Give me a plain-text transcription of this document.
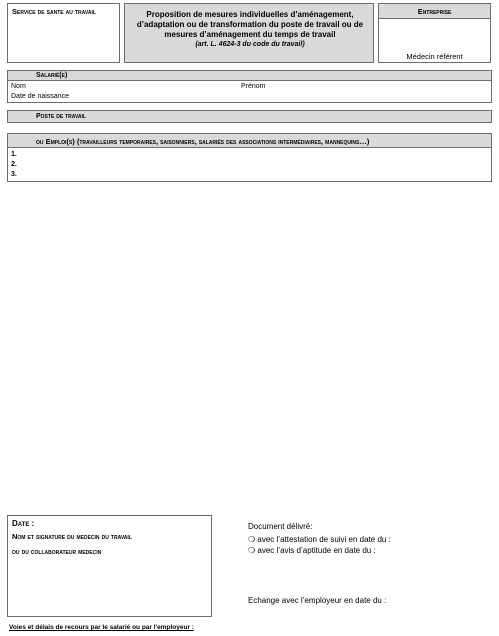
Service de sante au travail	Proposition de mesures individuelles d’aménagement,
d’adaptation ou de transformation du poste de travail ou de
mesures d’aménagement du temps de travail
(art. L. 4624-3 du code du travail)
Entreprise
Médecin référent
Salarié(e)
Nom	Prénom
Date de naissance
Poste de travail
ou Emploi(s) (travailleurs temporaires, saisonniers, salariés des associations intermédiaires, mannequins…)
1.
2.
3.
Date :
Nom et signature du medecin du travail
ou du collaborateur medecin
Document délivré:
❍ avec l’attestation de suivi en date du :
❍ avec l’avis d’aptitude en date du :
Echange avec l’employeur en date du :
Voies et délais de recours par le salarié ou par l'employeur :
